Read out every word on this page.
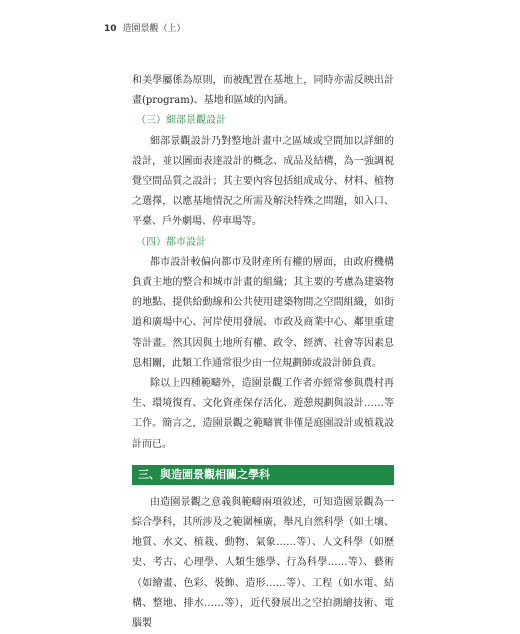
10 造園景觀（上）

和美學屬係為原則，而被配置在基地上，同時亦需反映出計畫(program)、基地和區域的內涵。

（三）細部景觀設計

細部景觀設計乃對整地計畫中之區域或空間加以詳細的設計，並以圖面表達設計的概念、成品及結構，為一強調視覺空間品質之設計；其主要內容包括組成成分、材料、植物之選擇，以應基地情況之所需及解決特殊之問題，如入口、平臺、戶外劇場、停車場等。

（四）都市設計

都市設計較偏向都市及財產所有權的層面，由政府機構負責主地的整合和城市計畫的組織；其主要的考慮為建築物的地點、提供給動線和公共使用建築物間之空間組織，如街道和廣場中心、河岸使用發展、市政及商業中心、鄰里重建等計畫。然其因與土地所有權、政令、經濟、社會等因素息息相關，此類工作通常很少由一位規劃師或設計師負責。

除以上四種範疇外，造園景觀工作者亦經常參與農村再生、環境復育、文化資產保存活化、遊憩規劃與設計……等工作。簡言之，造園景觀之範疇實非僅是庭園設計或植栽設計而已。

三、與造園景觀相關之學科

由造園景觀之意義與範疇兩項敘述，可知造園景觀為一綜合學科，其所涉及之範圍極廣，舉凡自然科學（如土壤、地質、水文、植栽、動物、氣象……等）、人文科學（如歷史、考古、心理學、人類生態學、行為科學……等）、藝術（如繪畫、色彩、裝飾、造形……等）、工程（如水電、結構、整地、排水……等），近代發展出之空拍測繪技術、電腦製
